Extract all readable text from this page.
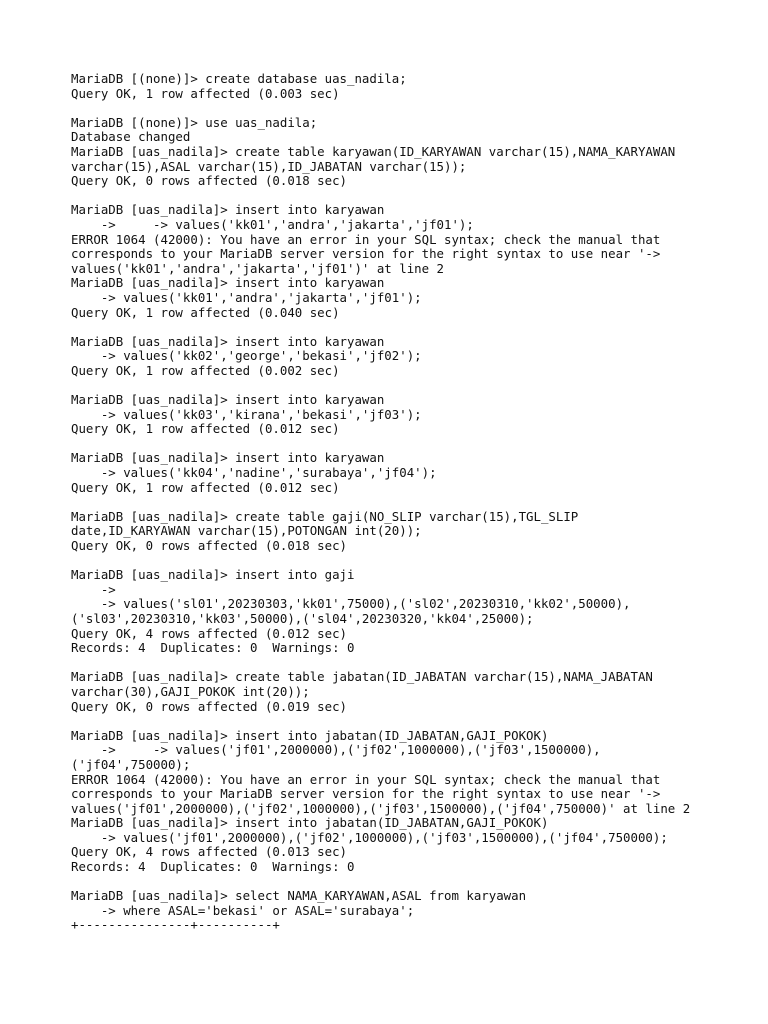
MariaDB [(none)]> create database uas_nadila;
Query OK, 1 row affected (0.003 sec)
MariaDB [(none)]> use uas_nadila;
Database changed
MariaDB [uas_nadila]> create table karyawan(ID_KARYAWAN varchar(15),NAMA_KARYAWAN
varchar(15),ASAL varchar(15),ID_JABATAN varchar(15));
Query OK, 0 rows affected (0.018 sec)
MariaDB [uas_nadila]> insert into karyawan
->     -> values('kk01','andra','jakarta','jf01');
ERROR 1064 (42000): You have an error in your SQL syntax; check the manual that
corresponds to your MariaDB server version for the right syntax to use near '->
values('kk01','andra','jakarta','jf01')' at line 2
MariaDB [uas_nadila]> insert into karyawan
-> values('kk01','andra','jakarta','jf01');
Query OK, 1 row affected (0.040 sec)
MariaDB [uas_nadila]> insert into karyawan
-> values('kk02','george','bekasi','jf02');
Query OK, 1 row affected (0.002 sec)
MariaDB [uas_nadila]> insert into karyawan
-> values('kk03','kirana','bekasi','jf03');
Query OK, 1 row affected (0.012 sec)
MariaDB [uas_nadila]> insert into karyawan
-> values('kk04','nadine','surabaya','jf04');
Query OK, 1 row affected (0.012 sec)
MariaDB [uas_nadila]> create table gaji(NO_SLIP varchar(15),TGL_SLIP
date,ID_KARYAWAN varchar(15),POTONGAN int(20));
Query OK, 0 rows affected (0.018 sec)
MariaDB [uas_nadila]> insert into gaji
->
-> values('sl01',20230303,'kk01',75000),('sl02',20230310,'kk02',50000),
('sl03',20230310,'kk03',50000),('sl04',20230320,'kk04',25000);
Query OK, 4 rows affected (0.012 sec)
Records: 4  Duplicates: 0  Warnings: 0
MariaDB [uas_nadila]> create table jabatan(ID_JABATAN varchar(15),NAMA_JABATAN
varchar(30),GAJI_POKOK int(20));
Query OK, 0 rows affected (0.019 sec)
MariaDB [uas_nadila]> insert into jabatan(ID_JABATAN,GAJI_POKOK)
->     -> values('jf01',2000000),('jf02',1000000),('jf03',1500000),
('jf04',750000);
ERROR 1064 (42000): You have an error in your SQL syntax; check the manual that
corresponds to your MariaDB server version for the right syntax to use near '->
values('jf01',2000000),('jf02',1000000),('jf03',1500000),('jf04',750000)' at line 2
MariaDB [uas_nadila]> insert into jabatan(ID_JABATAN,GAJI_POKOK)
-> values('jf01',2000000),('jf02',1000000),('jf03',1500000),('jf04',750000);
Query OK, 4 rows affected (0.013 sec)
Records: 4  Duplicates: 0  Warnings: 0
MariaDB [uas_nadila]> select NAMA_KARYAWAN,ASAL from karyawan
-> where ASAL='bekasi' or ASAL='surabaya';
+---------------+----------+
